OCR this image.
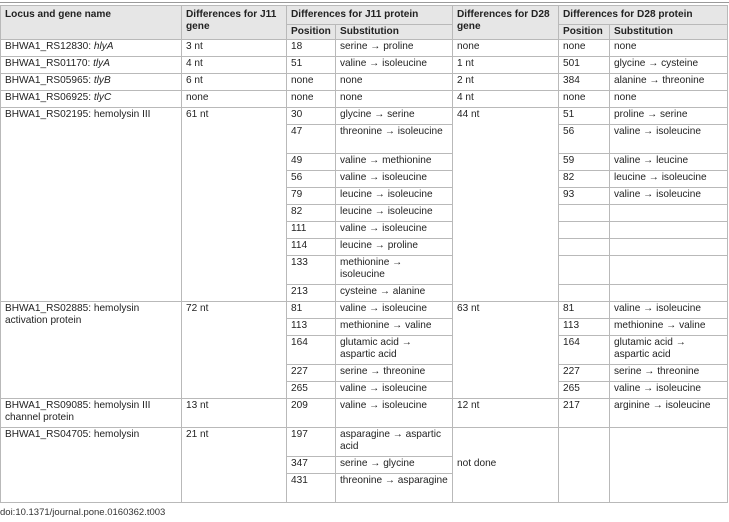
Locus and gene name	Differences for J11 gene	Differences for J11 protein		Differences for D28 gene	Differences for D28 protein	
		Position	Substitution		Position	Substitution
BHWA1_RS12830: hlyA	3 nt	18	serine → proline	none	none	none
BHWA1_RS01170: tlyA	4 nt	51	valine → isoleucine	1 nt	501	glycine → cysteine
BHWA1_RS05965: tlyB	6 nt	none	none	2 nt	384	alanine → threonine
BHWA1_RS06925: tlyC	none	none	none	4 nt	none	none
BHWA1_RS02195: hemolysin III	61 nt	30	glycine → serine	44 nt	51	proline → serine
		47	threonine → isoleucine		56	valine → isoleucine
		49	valine → methionine		59	valine → leucine
		56	valine → isoleucine		82	leucine → isoleucine
		79	leucine → isoleucine		93	valine → isoleucine
		82	leucine → isoleucine			
		111	valine → isoleucine			
		114	leucine → proline			
		133	methionine → isoleucine			
		213	cysteine → alanine			
BHWA1_RS02885: hemolysin activation protein	72 nt	81	valine → isoleucine	63 nt	81	valine → isoleucine
		113	methionine → valine		113	methionine → valine
		164	glutamic acid → aspartic acid		164	glutamic acid → aspartic acid
		227	serine → threonine		227	serine → threonine
		265	valine → isoleucine		265	valine → isoleucine
BHWA1_RS09085: hemolysin III channel protein	13 nt	209	valine → isoleucine	12 nt	217	arginine → isoleucine
BHWA1_RS04705: hemolysin	21 nt	197	asparagine → aspartic acid			
		347	serine → glycine	not done		
		431	threonine → asparagine			
doi:10.1371/journal.pone.0160362.t003
